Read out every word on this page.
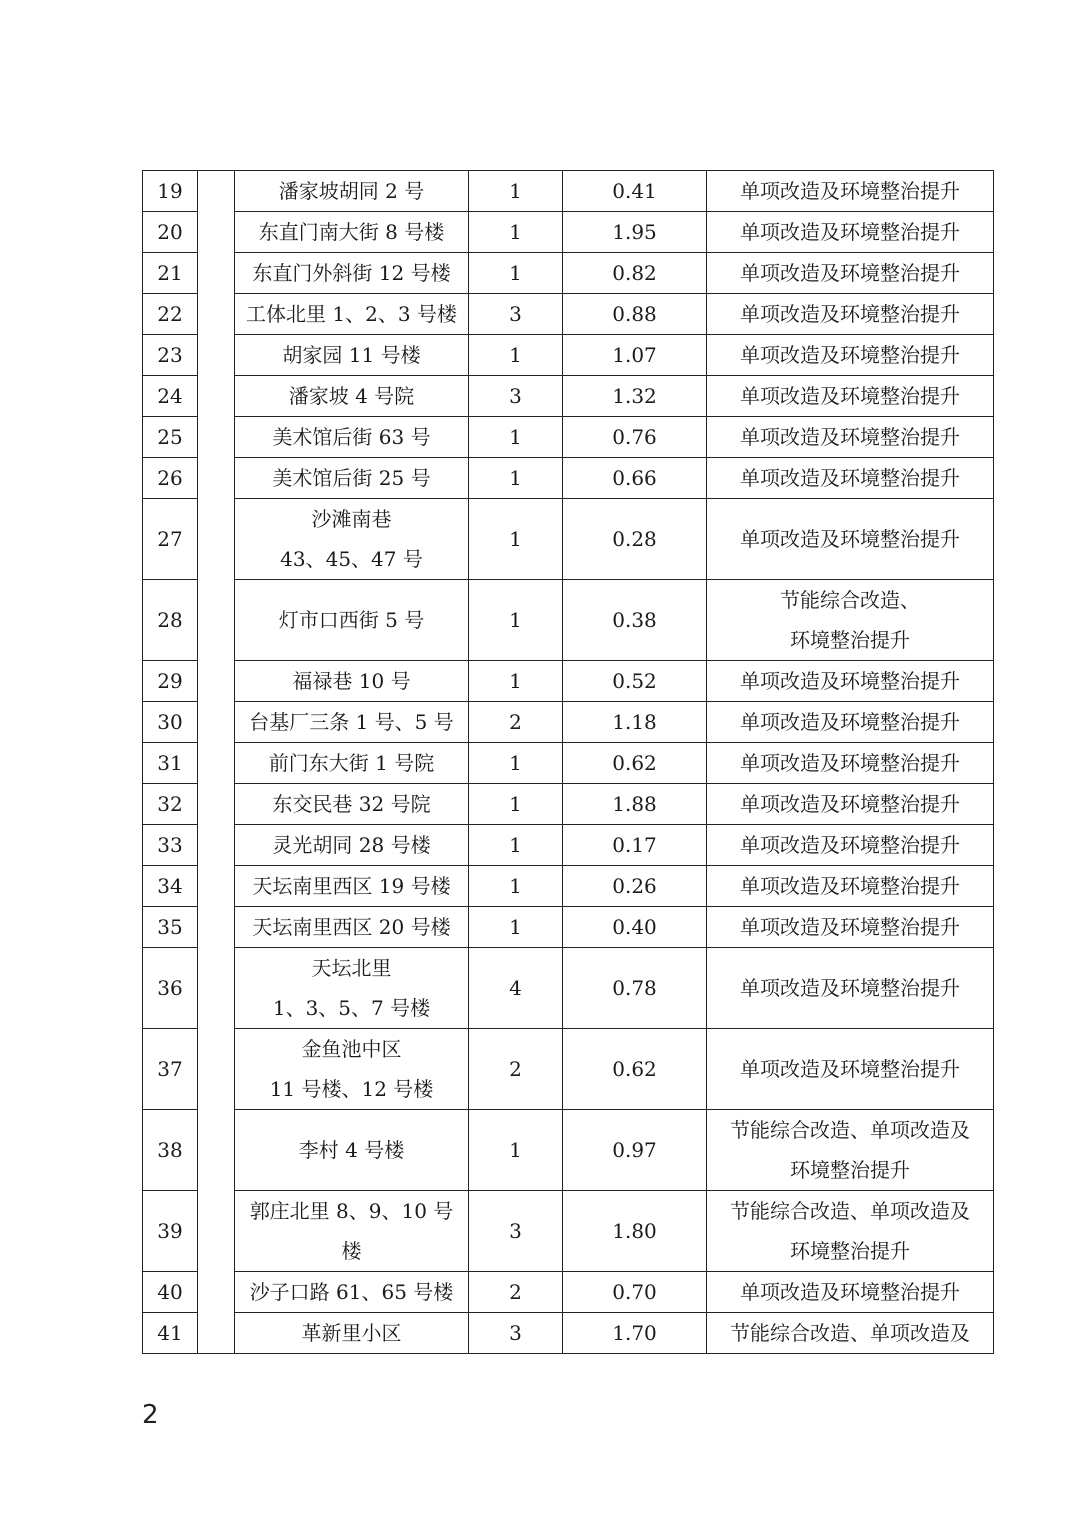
19		潘家坡胡同 2 号	1	0.41	单项改造及环境整治提升

20		东直门南大街 8 号楼	1	1.95	单项改造及环境整治提升

21		东直门外斜街 12 号楼	1	0.82	单项改造及环境整治提升

22		工体北里 1、2、3 号楼	3	0.88	单项改造及环境整治提升

23		胡家园 11 号楼	1	1.07	单项改造及环境整治提升

24		潘家坡 4 号院	3	1.32	单项改造及环境整治提升

25		美术馆后街 63 号	1	0.76	单项改造及环境整治提升

26		美术馆后街 25 号	1	0.66	单项改造及环境整治提升

27		沙滩南巷
43、45、47 号	1	0.28	单项改造及环境整治提升

28		灯市口西街 5 号	1	0.38	节能综合改造、
环境整治提升

29		福禄巷 10 号	1	0.52	单项改造及环境整治提升

30		台基厂三条 1 号、5 号	2	1.18	单项改造及环境整治提升

31		前门东大街 1 号院	1	0.62	单项改造及环境整治提升

32		东交民巷 32 号院	1	1.88	单项改造及环境整治提升

33		灵光胡同 28 号楼	1	0.17	单项改造及环境整治提升

34		天坛南里西区 19 号楼	1	0.26	单项改造及环境整治提升

35		天坛南里西区 20 号楼	1	0.40	单项改造及环境整治提升

36		天坛北里
1、3、5、7 号楼	4	0.78	单项改造及环境整治提升

37		金鱼池中区
11 号楼、12 号楼	2	0.62	单项改造及环境整治提升

38		李村 4 号楼	1	0.97	节能综合改造、单项改造及
环境整治提升

39		郭庄北里 8、9、10 号
楼	3	1.80	节能综合改造、单项改造及
环境整治提升

40		沙子口路 61、65 号楼	2	0.70	单项改造及环境整治提升

41		革新里小区	3	1.70	节能综合改造、单项改造及
2
